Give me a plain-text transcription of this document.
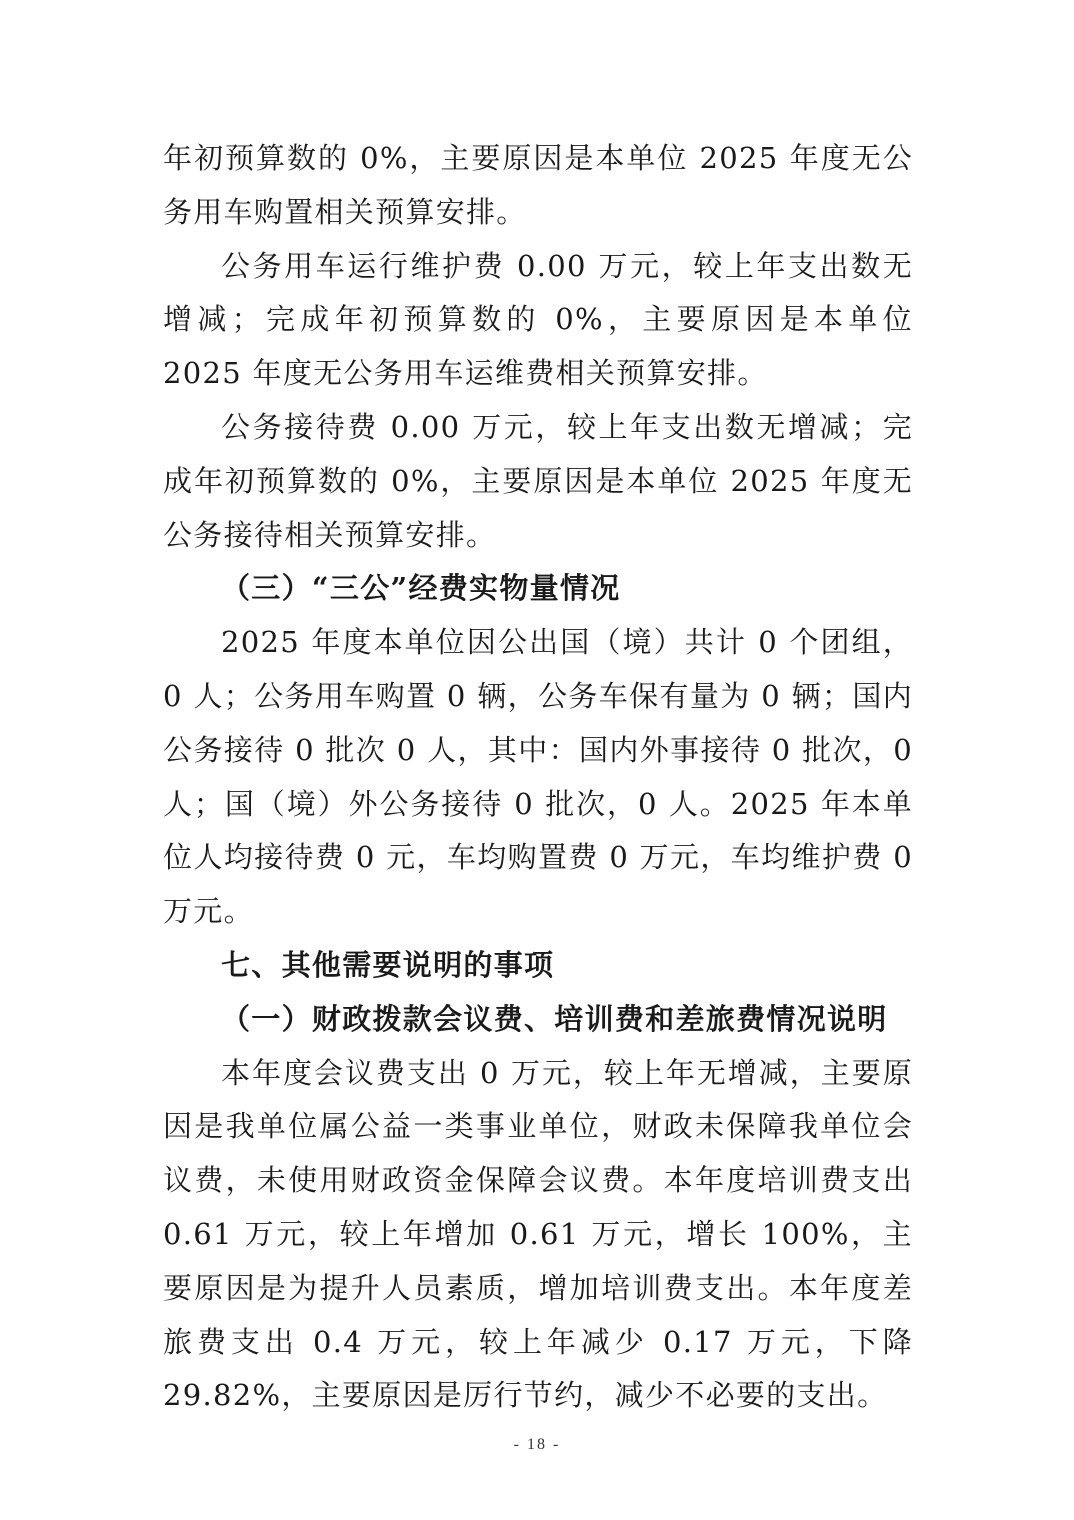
年初预算数的 0%，主要原因是本单位 2025 年度无公务用车购置相关预算安排。

公务用车运行维护费 0.00 万元，较上年支出数无增减；完成年初预算数的 0%，主要原因是本单位 2025 年度无公务用车运维费相关预算安排。

公务接待费 0.00 万元，较上年支出数无增减；完成年初预算数的 0%，主要原因是本单位 2025 年度无公务接待相关预算安排。

（三）“三公”经费实物量情况

2025 年度本单位因公出国（境）共计 0 个团组，0 人；公务用车购置 0 辆，公务车保有量为 0 辆；国内公务接待 0 批次 0 人，其中：国内外事接待 0 批次，0 人；国（境）外公务接待 0 批次，0 人。2025 年本单位人均接待费 0 元，车均购置费 0 万元，车均维护费 0 万元。

七、其他需要说明的事项

（一）财政拨款会议费、培训费和差旅费情况说明

本年度会议费支出 0 万元，较上年无增减，主要原因是我单位属公益一类事业单位，财政未保障我单位会议费，未使用财政资金保障会议费。本年度培训费支出 0.61 万元，较上年增加 0.61 万元，增长 100%，主要原因是为提升人员素质，增加培训费支出。本年度差旅费支出 0.4 万元，较上年减少 0.17 万元，下降 29.82%，主要原因是厉行节约，减少不必要的支出。

- 18 -
